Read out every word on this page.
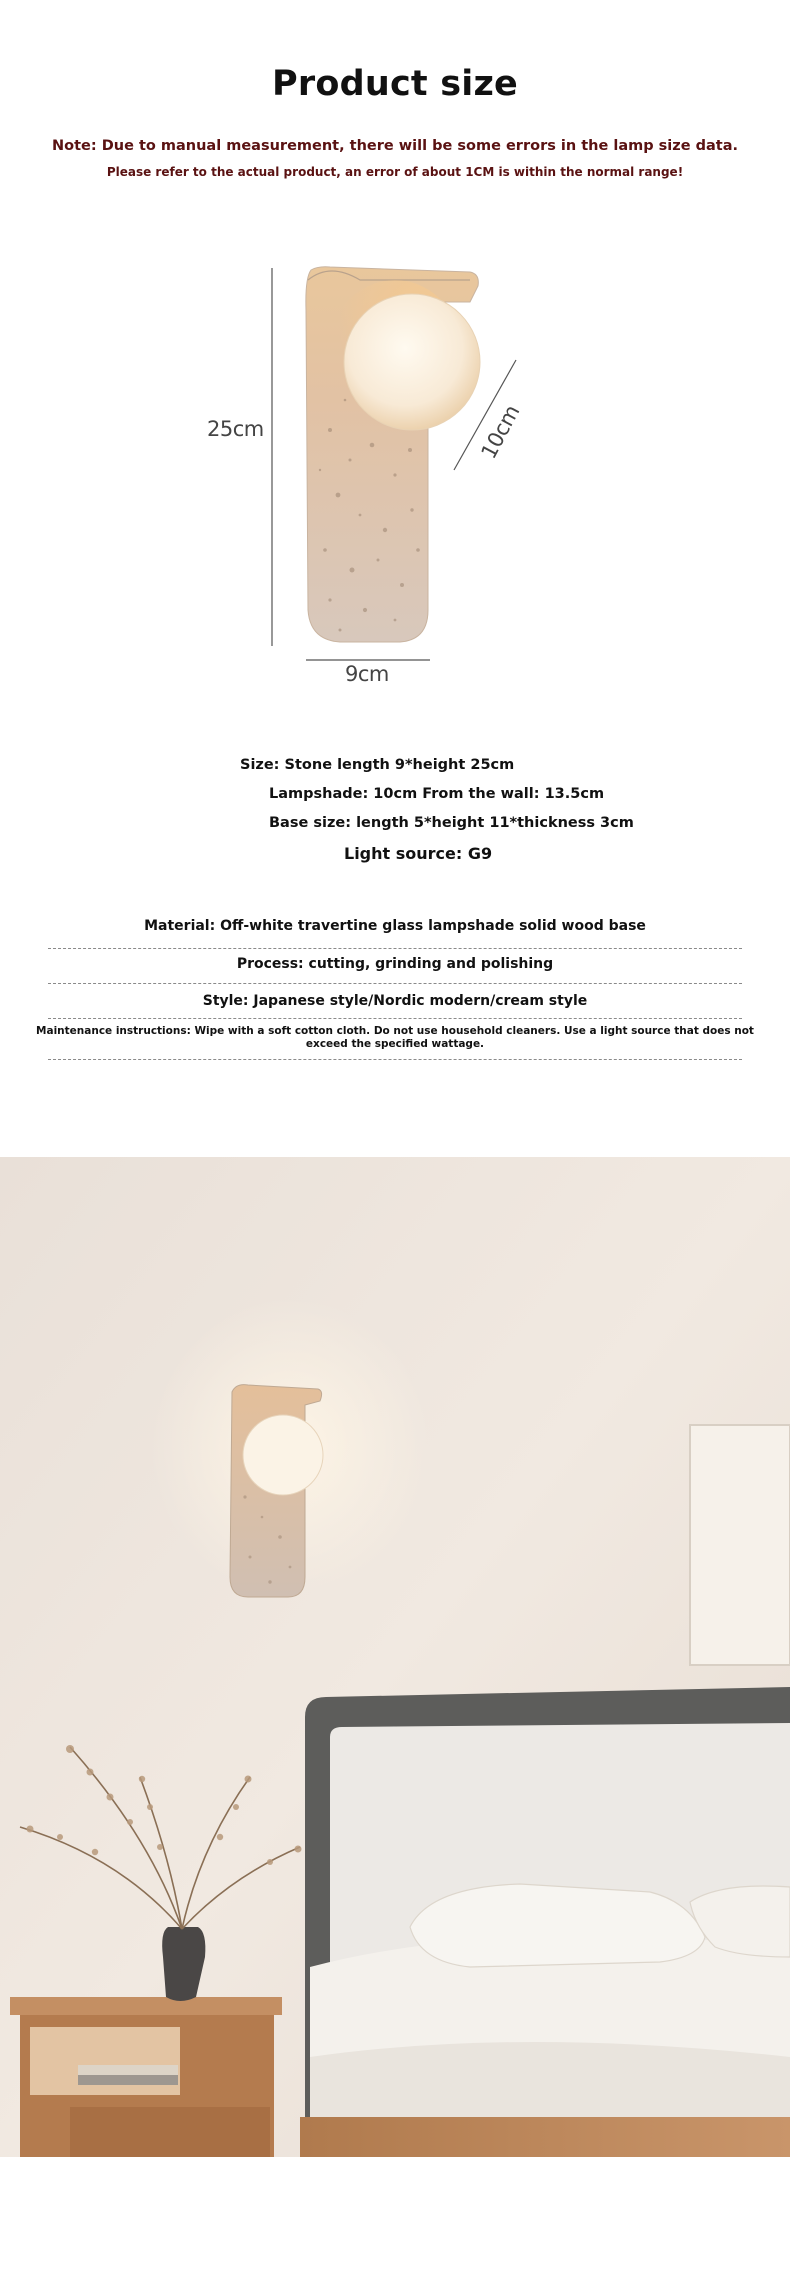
Product size
Note: Due to manual measurement, there will be some errors in the lamp size data.
Please refer to the actual product, an error of about 1CM is within the normal range!
25cm
9cm
10cm
Size: Stone length 9*height 25cm
Lampshade: 10cm From the wall: 13.5cm
Base size: length 5*height 11*thickness 3cm
Light source: G9
Material: Off-white travertine glass lampshade solid wood base
Process: cutting, grinding and polishing
Style: Japanese style/Nordic modern/cream style
Maintenance instructions: Wipe with a soft cotton cloth. Do not use household cleaners. Use a light source that does not
exceed the specified wattage.
